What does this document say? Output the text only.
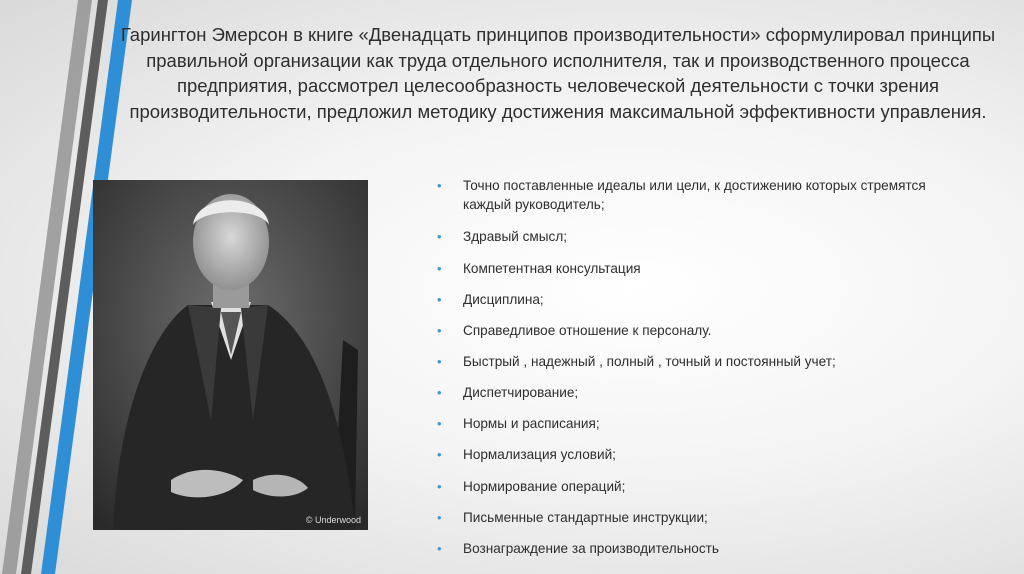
Гарингтон Эмерсон в книге «Двенадцать принципов производительности» сформулировал принципы правильной организации как труда отдельного исполнителя, так и производственного процесса предприятия, рассмотрел целесообразность человеческой деятельности с точки зрения производительности, предложил методику достижения максимальной эффективности управления.
© Underwood
•	Точно поставленные идеалы или цели, к достижению которых стремятся каждый руководитель;
•	Здравый смысл;
•	Компетентная консультация
•	Дисциплина;
•	Справедливое отношение к персоналу.
•	Быстрый , надежный , полный , точный и постоянный учет;
•	Диспетчирование;
•	Нормы и расписания;
•	Нормализация условий;
•	Нормирование операций;
•	Письменные стандартные инструкции;
•	Вознаграждение за производительность
